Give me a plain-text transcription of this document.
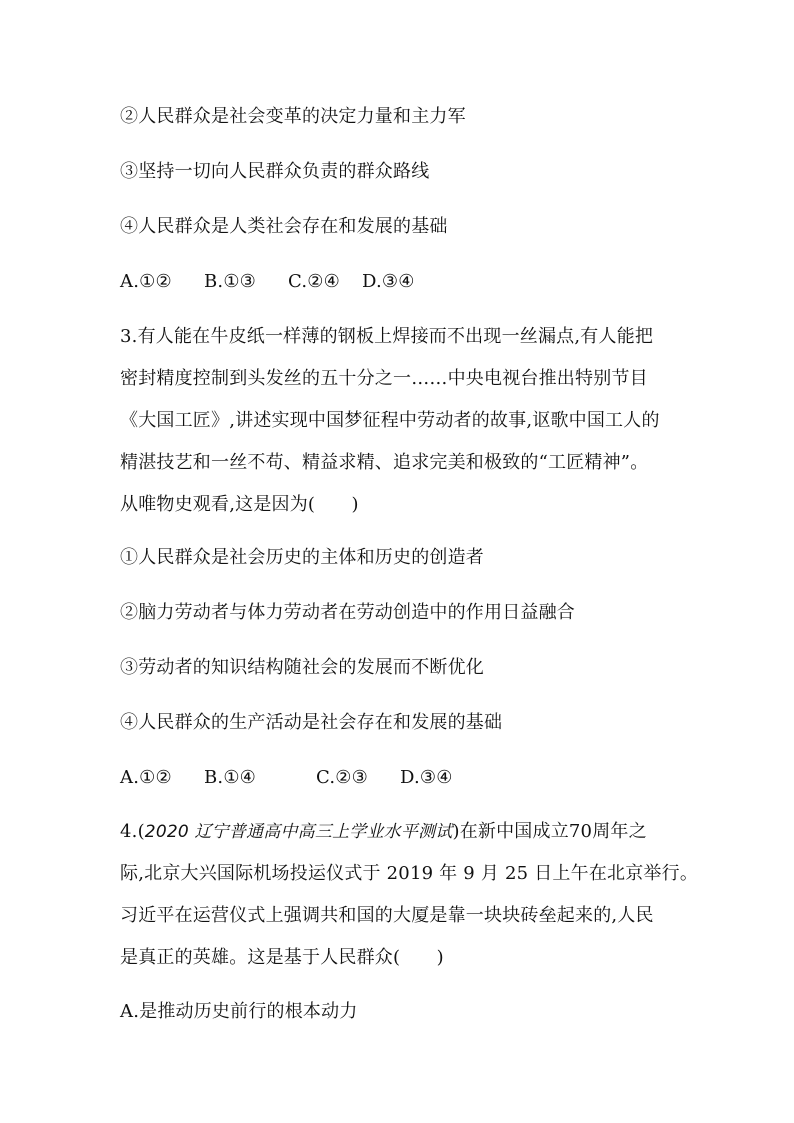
②人民群众是社会变革的决定力量和主力军
③坚持一切向人民群众负责的群众路线
④人民群众是人类社会存在和发展的基础
A.①② B.①③ C.②④ D.③④
3.有人能在牛皮纸一样薄的钢板上焊接而不出现一丝漏点,有人能把
密封精度控制到头发丝的五十分之一……中央电视台推出特别节目
《大国工匠》,讲述实现中国梦征程中劳动者的故事,讴歌中国工人的
精湛技艺和一丝不苟、精益求精、追求完美和极致的“工匠精神”。
从唯物史观看,这是因为(　　)
①人民群众是社会历史的主体和历史的创造者
②脑力劳动者与体力劳动者在劳动创造中的作用日益融合
③劳动者的知识结构随社会的发展而不断优化
④人民群众的生产活动是社会存在和发展的基础
A.①② B.①④	C.②③ D.③④
4.(2020 辽宁普通高中高三上学业水平测试)在新中国成立70周年之
际,北京大兴国际机场投运仪式于 2019 年 9 月 25 日上午在北京举行。
习近平在运营仪式上强调共和国的大厦是靠一块块砖垒起来的,人民
是真正的英雄。这是基于人民群众(　　)
A.是推动历史前行的根本动力
